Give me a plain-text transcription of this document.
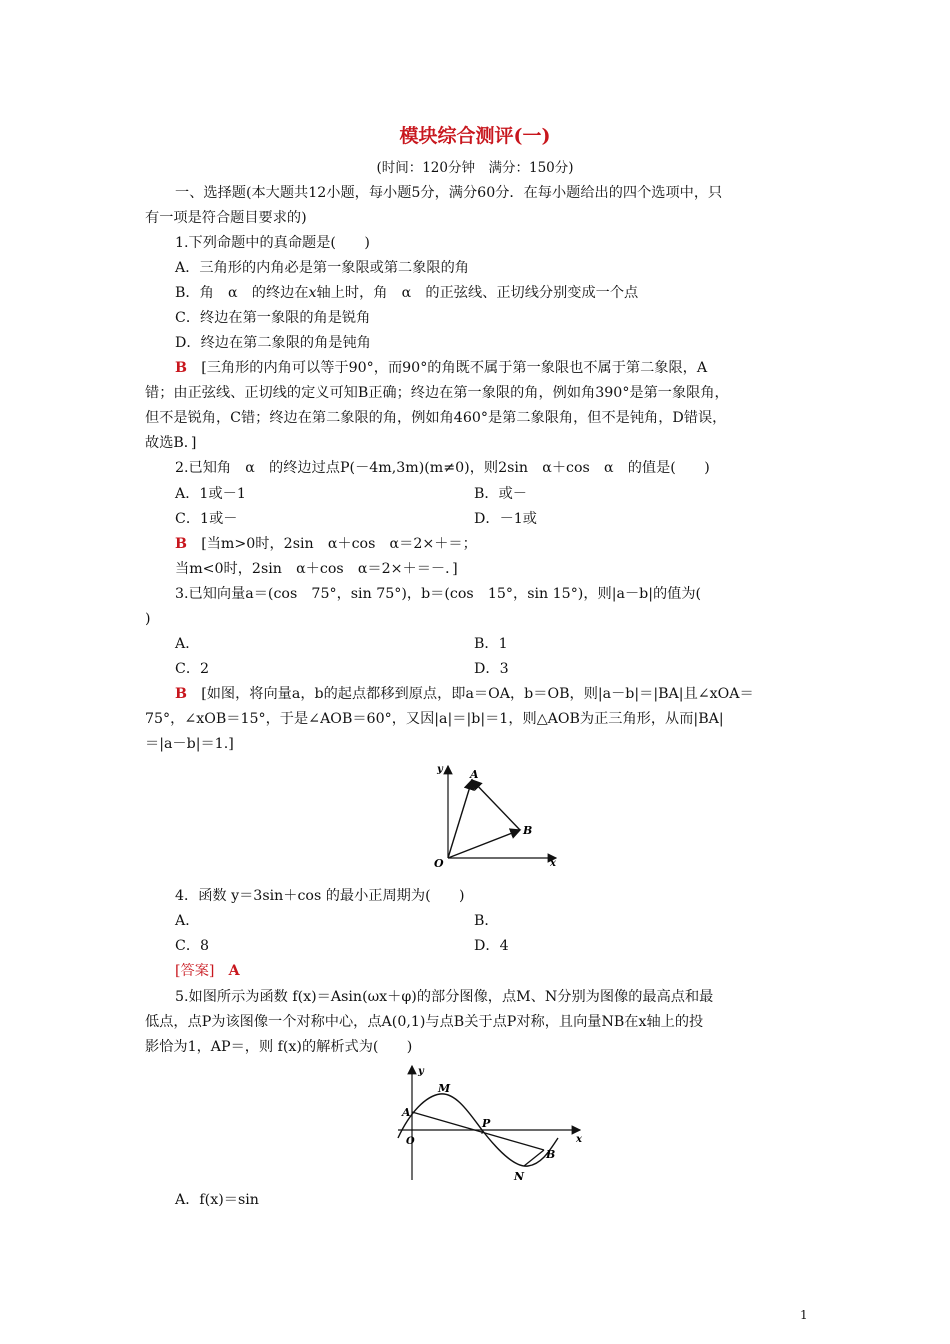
模块综合测评(一)
(时间：120分钟　满分：150分)
一、选择题(本大题共12小题，每小题5分，满分60分．在每小题给出的四个选项中，只
有一项是符合题目要求的)
1.下列命题中的真命题是(　　)
A．三角形的内角必是第一象限或第二象限的角
B．角　α　的终边在x轴上时，角　α　的正弦线、正切线分别变成一个点
C．终边在第一象限的角是锐角
D．终边在第二象限的角是钝角
B　 [三角形的内角可以等于90°，而90°的角既不属于第一象限也不属于第二象限，A
错；由正弦线、正切线的定义可知B正确；终边在第一象限的角，例如角390°是第一象限角，
但不是锐角，C错；终边在第二象限的角，例如角460°是第二象限角，但不是钝角，D错误，
故选B．]
2.已知角　α　的终边过点P(－4m,3m)(m≠0)，则2sin　α＋cos　α　的值是(　　)
A．1或－1	B．或－
C．1或－	D．－1或
B　 [当m>0时，2sin　α＋cos　α＝2×＋＝；
当m<0时，2sin　α＋cos　α＝2×＋＝－．]
3.已知向量a＝(cos　75°，sin 75°)，b＝(cos　15°，sin 15°)，则|a－b|的值为(
)
A．	B．1
C．2	D．3
B　 [如图，将向量a，b的起点都移到原点，即a＝OA，b＝OB，则|a－b|＝|BA|且∠xOA＝
75°，∠xOB＝15°，于是∠AOB＝60°，又因|a|＝|b|＝1，则△AOB为正三角形，从而|BA|
＝|a－b|＝1.]
y
x
O
A
B
4．函数 y＝3sin＋cos 的最小正周期为(　　)
A．	B．
C．8	D．4
[答案]　 A
5.如图所示为函数 f(x)＝Asin(ωx＋φ)的部分图像，点M、N分别为图像的最高点和最
低点，点P为该图像一个对称中心，点A(0,1)与点B关于点P对称，且向量NB在x轴上的投
影恰为1，AP＝，则 f(x)的解析式为(　　)
y
x
O
A
M
P
B
N
A．f(x)＝sin
1
